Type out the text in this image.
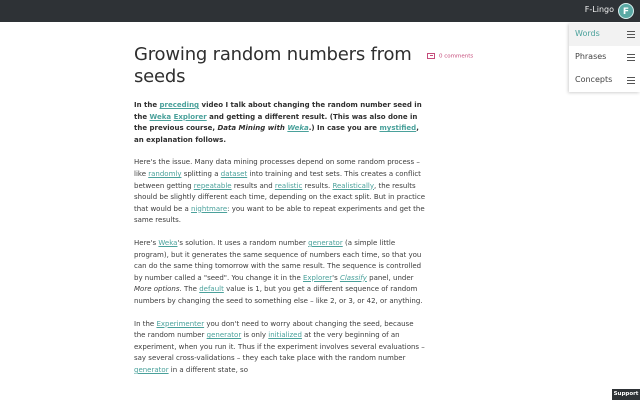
F-Lingo F
Words
Phrases
Concepts
Growing random numbers from seeds
0 comments

In the preceding video I talk about changing the random number seed in the Weka Explorer and getting a different result. (This was also done in the previous course, Data Mining with Weka.) In case you are mystified, an explanation follows.

Here's the issue. Many data mining processes depend on some random process – like randomly splitting a dataset into training and test sets. This creates a conflict between getting repeatable results and realistic results. Realistically, the results should be slightly different each time, depending on the exact split. But in practice that would be a nightmare: you want to be able to repeat experiments and get the same results.

Here's Weka's solution. It uses a random number generator (a simple little program), but it generates the same sequence of numbers each time, so that you can do the same thing tomorrow with the same result. The sequence is controlled by number called a "seed". You change it in the Explorer's Classify panel, under More options. The default value is 1, but you get a different sequence of random numbers by changing the seed to something else – like 2, or 3, or 42, or anything.

In the Experimenter you don't need to worry about changing the seed, because the random number generator is only initialized at the very beginning of an experiment, when you run it. Thus if the experiment involves several evaluations – say several cross-validations – they each take place with the random number generator in a different state, so

Support
